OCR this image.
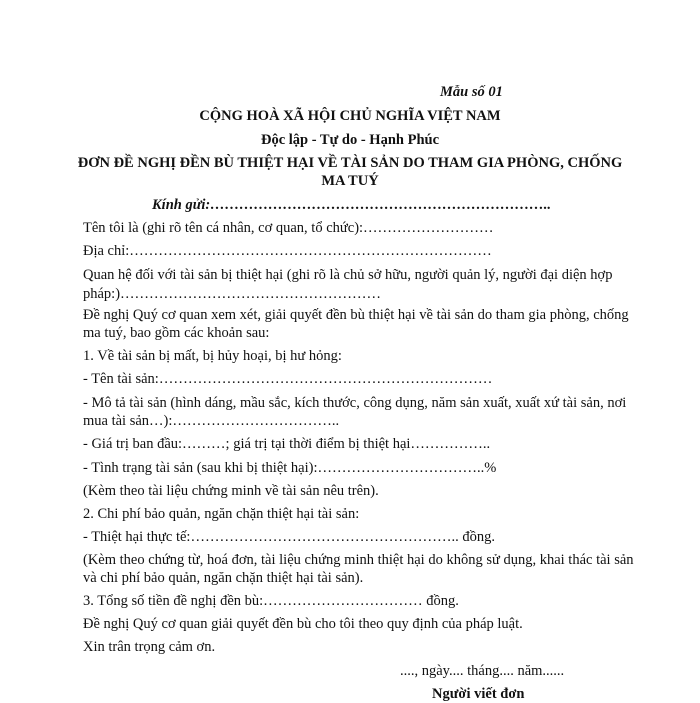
Mẫu số 01
CỘNG HOÀ XÃ HỘI CHỦ NGHĨA VIỆT NAM
Độc lập - Tự do - Hạnh Phúc
ĐƠN ĐỀ NGHỊ ĐỀN BÙ THIỆT HẠI VỀ TÀI SẢN DO THAM GIA PHÒNG, CHỐNG
MA TUÝ
Kính gửi:……………………………………………………………..
Tên tôi là (ghi rõ tên cá nhân, cơ quan, tổ chức):………………………
Địa chỉ:…………………………………………………………………
Quan hệ đối với tài sản bị thiệt hại (ghi rõ là chủ sở hữu, người quản lý, người đại diện hợp
pháp:)………………………………………………
Đề nghị Quý cơ quan xem xét, giải quyết đền bù thiệt hại về tài sản do tham gia phòng, chống
ma tuý, bao gồm các khoản sau:
1. Về tài sản bị mất, bị hủy hoại, bị hư hỏng:
- Tên tài sản:……………………………………………………………
- Mô tả tài sản (hình dáng, mầu sắc, kích thước, công dụng, năm sản xuất, xuất xứ tài sản, nơi
mua tài sản…):……………………………..
- Giá trị ban đầu:………; giá trị tại thời điểm bị thiệt hại……………..
- Tình trạng tài sản (sau khi bị thiệt hại):……………………………..%
(Kèm theo tài liệu chứng minh về tài sản nêu trên).
2. Chi phí bảo quản, ngăn chặn thiệt hại tài sản:
- Thiệt hại thực tế:……………………………………………….. đồng.
(Kèm theo chứng từ, hoá đơn, tài liệu chứng minh thiệt hại do không sử dụng, khai thác tài sản
và chi phí bảo quản, ngăn chặn thiệt hại tài sản).
3. Tổng số tiền đề nghị đền bù:…………………………… đồng.
Đề nghị Quý cơ quan giải quyết đền bù cho tôi theo quy định của pháp luật.
Xin trân trọng cảm ơn.
...., ngày.... tháng.... năm......
Người viết đơn
